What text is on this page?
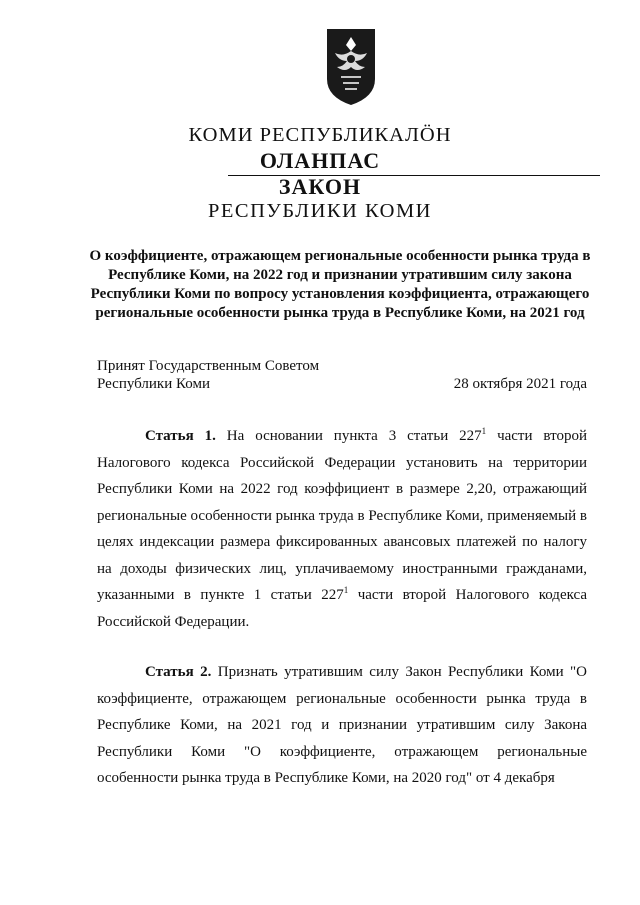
КОМИ РЕСПУБЛИКАЛÖН
ОЛАНПАС
ЗАКОН
РЕСПУБЛИКИ КОМИ
О коэффициенте, отражающем региональные особенности рынка труда в Республике Коми, на 2022 год и признании утратившим силу закона Республики Коми по вопросу установления коэффициента, отражающего региональные особенности рынка труда в Республике Коми, на 2021 год
Принят Государственным Советом
Республики Коми	28 октября 2021 года
Статья 1. На основании пункта 3 статьи $227^1$ части второй Налогового кодекса Российской Федерации установить на территории Республики Коми на 2022 год коэффициент в размере 2,20, отражающий региональные особенности рынка труда в Республике Коми, применяемый в целях индексации размера фиксированных авансовых платежей по налогу на доходы физических лиц, уплачиваемому иностранными гражданами, указанными в пункте 1 статьи $227^1$ части второй Налогового кодекса Российской Федерации.
Статья 2. Признать утратившим силу Закон Республики Коми "О коэффициенте, отражающем региональные особенности рынка труда в Республике Коми, на 2021 год и признании утратившим силу Закона Республики Коми "О коэффициенте, отражающем региональные особенности рынка труда в Республике Коми, на 2020 год" от 4 декабря
